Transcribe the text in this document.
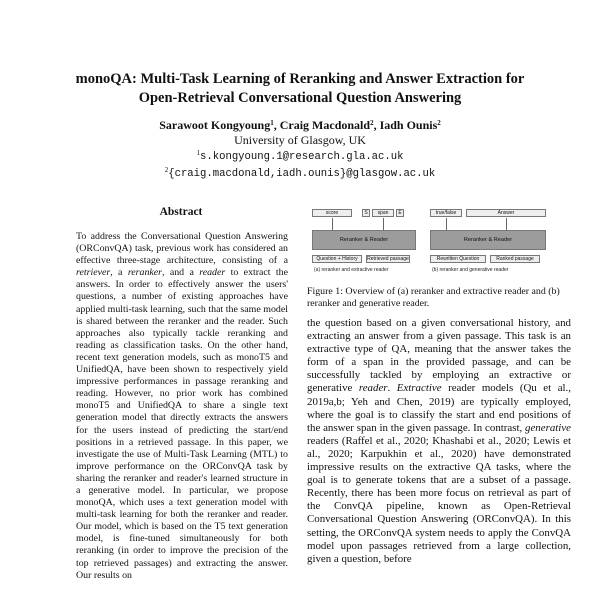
monoQA: Multi-Task Learning of Reranking and Answer Extraction for
Open-Retrieval Conversational Question Answering
Sarawoot Kongyoung$^1$, Craig Macdonald$^2$, Iadh Ounis$^2$
University of Glasgow, UK
$^1$s.kongyoung.1@research.gla.ac.uk
$^2${craig.macdonald,iadh.ounis}@glasgow.ac.uk
Abstract
To address the Conversational Question Answering (ORConvQA) task, previous work has considered an effective three-stage architecture, consisting of a retriever, a reranker, and a reader to extract the answers. In order to effectively answer the users' questions, a number of existing approaches have applied multi-task learning, such that the same model is shared between the reranker and the reader. Such approaches also typically tackle reranking and reading as classification tasks. On the other hand, recent text generation models, such as monoT5 and UnifiedQA, have been shown to respectively yield impressive performances in passage reranking and reading. However, no prior work has combined monoT5 and UnifiedQA to share a single text generation model that directly extracts the answers for the users instead of predicting the start/end positions in a retrieved passage. In this paper, we investigate the use of Multi-Task Learning (MTL) to improve performance on the ORConvQA task by sharing the reranker and reader's learned structure in a generative model. In particular, we propose monoQA, which uses a text generation model with multi-task learning for both the reranker and reader. Our model, which is based on the T5 text generation model, is fine-tuned simultaneously for both reranking (in order to improve the precision of the top retrieved passages) and extracting the answer. Our results on
score	S	span	E
Reranker & Reader
Question + History	Retrieved passage
(a) reranker and extractive reader
true/false	Answer
Reranker & Reader
Rewritten Question	Ranked passage
(b) reranker and generative reader
Figure 1: Overview of (a) reranker and extractive reader and (b) reranker and generative reader.
the question based on a given conversational history, and extracting an answer from a given passage. This task is an extractive type of QA, meaning that the answer takes the form of a span in the provided passage, and can be successfully tackled by employing an extractive or generative reader. Extractive reader models (Qu et al., 2019a,b; Yeh and Chen, 2019) are typically employed, where the goal is to classify the start and end positions of the answer span in the given passage. In contrast, generative readers (Raffel et al., 2020; Khashabi et al., 2020; Lewis et al., 2020; Karpukhin et al., 2020) have demonstrated impressive results on the extractive QA tasks, where the goal is to generate tokens that are a subset of a passage. Recently, there has been more focus on retrieval as part of the ConvQA pipeline, known as Open-Retrieval Conversational Question Answering (ORConvQA). In this setting, the ORConvQA system needs to apply the ConvQA model upon passages retrieved from a large collection, given a question, before
